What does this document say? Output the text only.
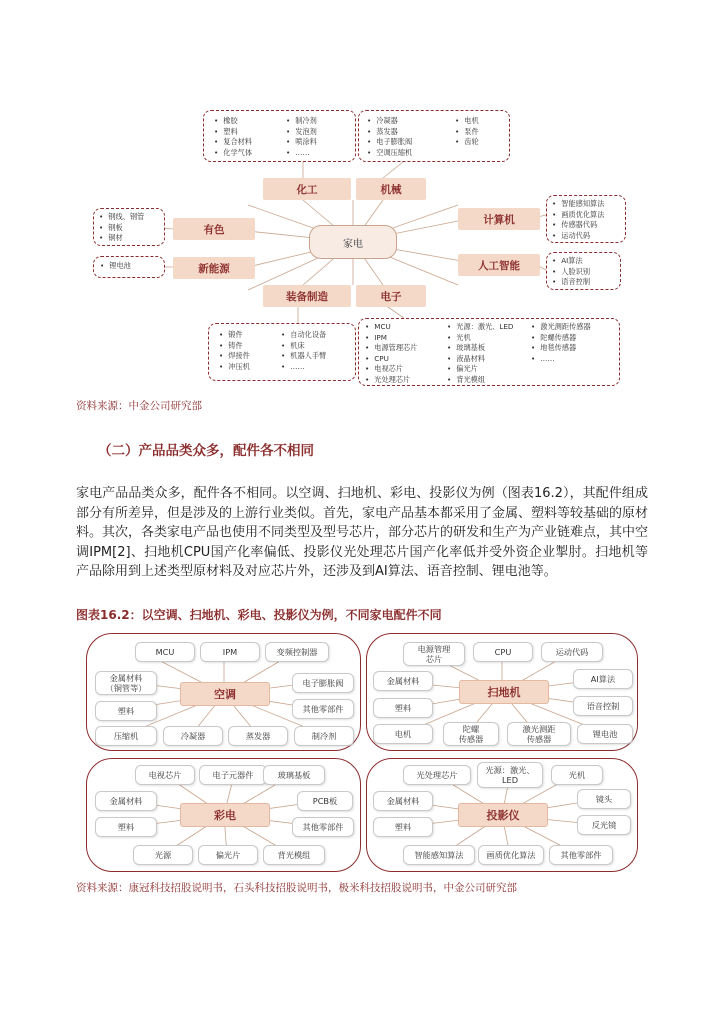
• 橡胶
• 塑料
• 复合材料
• 化学气体
• 制冷剂
• 发泡剂
• 喷涂料
• ……
• 冷凝器
• 蒸发器
• 电子膨胀阀
• 空调压缩机
• 电机
• 泵件
• 齿轮
• 钢线、钢管
• 钢板
• 铜材
• 锂电池
• 智能感知算法
• 画质优化算法
• 传感器代码
• 运动代码
• AI算法
• 人脸识别
• 语音控制
• 锻件
• 铸件
• 焊接件
• 冲压机
• 自动化设备
• 机床
• 机器人手臂
• ……
• MCU
• IPM
• 电源管理芯片
• CPU
• 电视芯片
• 光处理芯片
• 光源：激光、LED
• 光机
• 玻璃基板
• 液晶材料
• 偏光片
• 背光模组
• 激光测距传感器
• 陀螺传感器
• 地毯传感器
• ……
化工	机械
有色
新能源
计算机
人工智能
装备制造	电子
家电
资料来源：中金公司研究部
（二）产品品类众多，配件各不相同

家电产品品类众多，配件各不相同。以空调、扫地机、彩电、投影仪为例（图表16.2），其配件组成部分有所差异，但是涉及的上游行业类似。首先，家电产品基本都采用了金属、塑料等较基础的原材料。其次，各类家电产品也使用不同类型及型号芯片，部分芯片的研发和生产为产业链难点，其中空调IPM[2]、扫地机CPU国产化率偏低、投影仪光处理芯片国产化率低并受外资企业掣肘。扫地机等产品除用到上述类型原材料及对应芯片外，还涉及到AI算法、语音控制、锂电池等。

图表16.2：以空调、扫地机、彩电、投影仪为例，不同家电配件不同
MCU	IPM	变频控制器
金属材料
（铜管等）	电子膨胀阀
塑料	其他零部件
压缩机	冷凝器	蒸发器	制冷剂
空调
电源管理
芯片
CPU	运动代码
金属材料	AI算法
塑料	语音控制
电机	陀螺
传感器
激光测距
传感器	锂电池
扫地机
电视芯片	电子元器件	玻璃基板
金属材料	PCB板
塑料	其他零部件
光源	偏光片	背光模组
彩电
光处理芯片	光源：激光、
LED	光机
金属材料	镜头
塑料	反光镜
智能感知算法	画质优化算法	其他零部件
投影仪
资料来源：康冠科技招股说明书，石头科技招股说明书，极米科技招股说明书，中金公司研究部
